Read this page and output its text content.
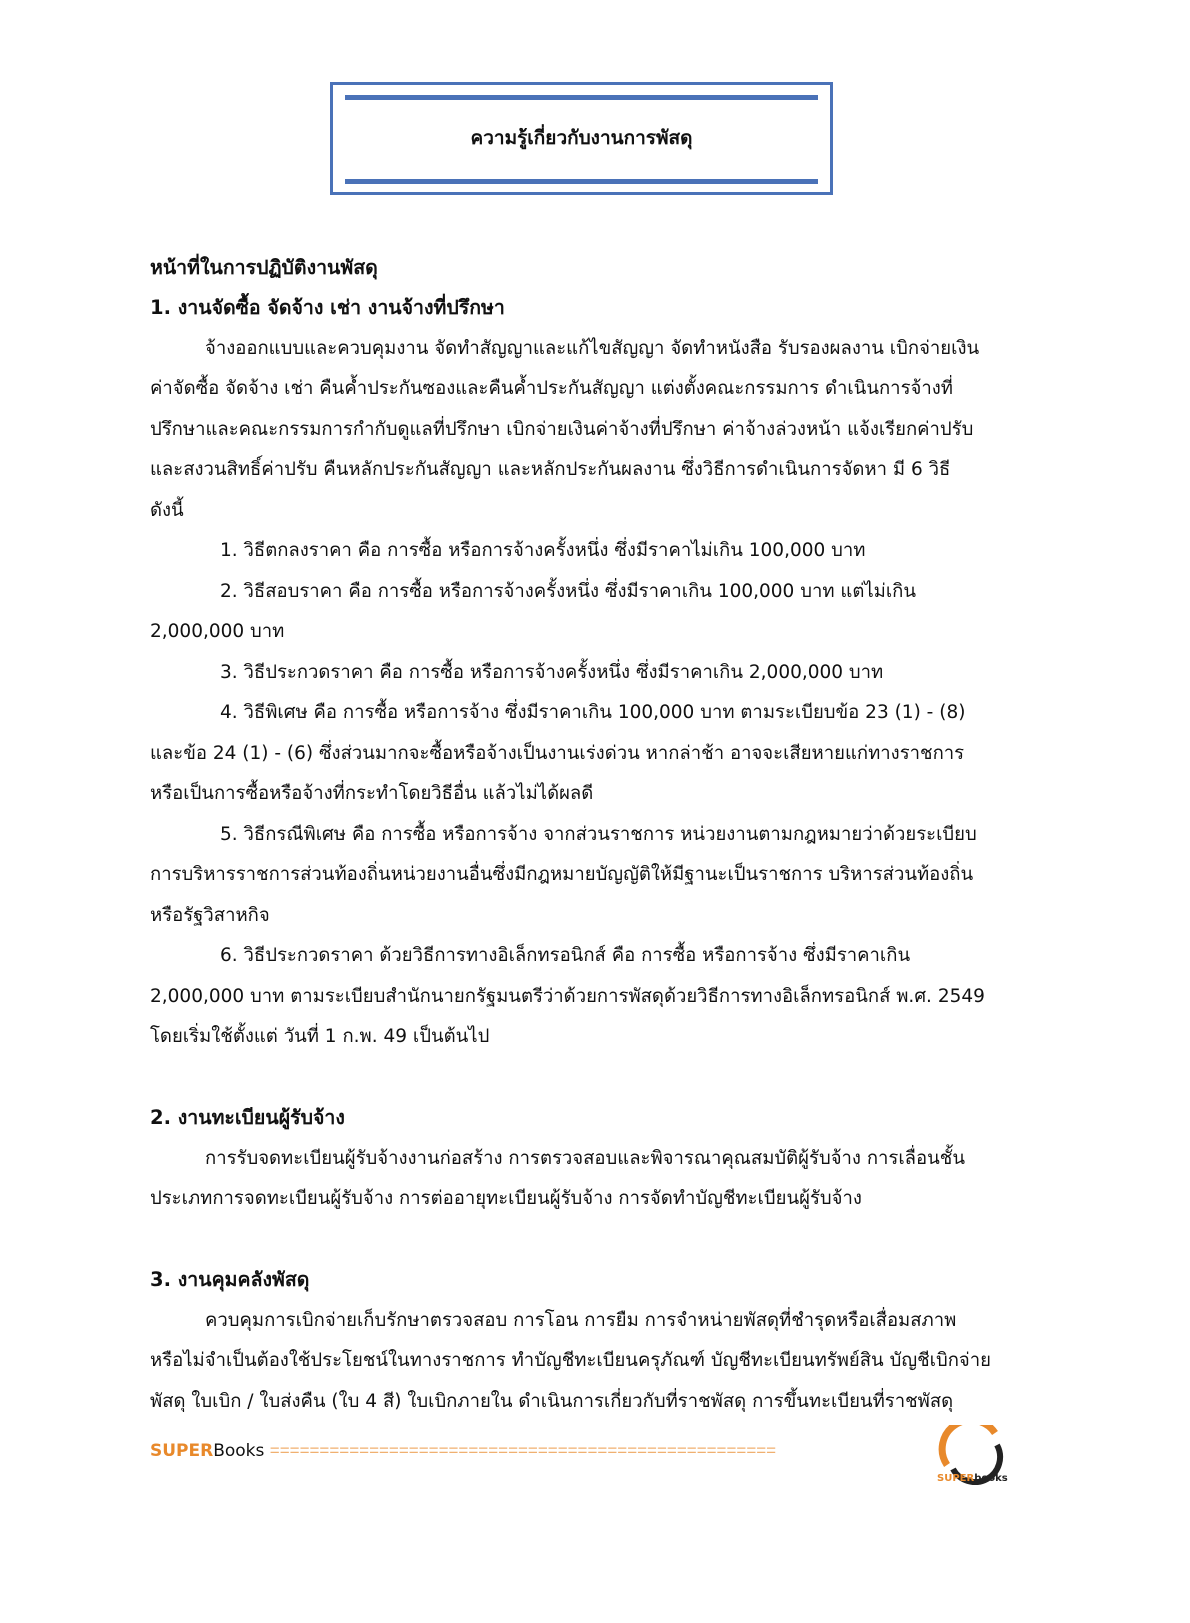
ความรู้เกี่ยวกับงานการพัสดุ
หน้าที่ในการปฏิบัติงานพัสดุ
1. งานจัดซื้อ จัดจ้าง เช่า งานจ้างที่ปรึกษา
จ้างออกแบบและควบคุมงาน จัดทำสัญญาและแก้ไขสัญญา จัดทำหนังสือ รับรองผลงาน เบิกจ่ายเงิน
ค่าจัดซื้อ จัดจ้าง เช่า คืนค้ำประกันซองและคืนค้ำประกันสัญญา แต่งตั้งคณะกรรมการ ดำเนินการจ้างที่
ปรึกษาและคณะกรรมการกำกับดูแลที่ปรึกษา เบิกจ่ายเงินค่าจ้างที่ปรึกษา ค่าจ้างล่วงหน้า แจ้งเรียกค่าปรับ
และสงวนสิทธิ์ค่าปรับ คืนหลักประกันสัญญา และหลักประกันผลงาน ซึ่งวิธีการดำเนินการจัดหา มี 6 วิธี
ดังนี้
1. วิธีตกลงราคา คือ การซื้อ หรือการจ้างครั้งหนึ่ง ซึ่งมีราคาไม่เกิน 100,000 บาท
2. วิธีสอบราคา คือ การซื้อ หรือการจ้างครั้งหนึ่ง ซึ่งมีราคาเกิน 100,000 บาท แต่ไม่เกิน
2,000,000 บาท
3. วิธีประกวดราคา คือ การซื้อ หรือการจ้างครั้งหนึ่ง ซึ่งมีราคาเกิน 2,000,000 บาท
4. วิธีพิเศษ คือ การซื้อ หรือการจ้าง ซึ่งมีราคาเกิน 100,000 บาท ตามระเบียบข้อ 23 (1) - (8)
และข้อ 24 (1) - (6) ซึ่งส่วนมากจะซื้อหรือจ้างเป็นงานเร่งด่วน หากล่าช้า อาจจะเสียหายแก่ทางราชการ
หรือเป็นการซื้อหรือจ้างที่กระทำโดยวิธีอื่น แล้วไม่ได้ผลดี
5. วิธีกรณีพิเศษ คือ การซื้อ หรือการจ้าง จากส่วนราชการ หน่วยงานตามกฎหมายว่าด้วยระเบียบ
การบริหารราชการส่วนท้องถิ่นหน่วยงานอื่นซึ่งมีกฎหมายบัญญัติให้มีฐานะเป็นราชการ บริหารส่วนท้องถิ่น
หรือรัฐวิสาหกิจ
6. วิธีประกวดราคา ด้วยวิธีการทางอิเล็กทรอนิกส์ คือ การซื้อ หรือการจ้าง ซึ่งมีราคาเกิน
2,000,000 บาท ตามระเบียบสำนักนายกรัฐมนตรีว่าด้วยการพัสดุด้วยวิธีการทางอิเล็กทรอนิกส์ พ.ศ. 2549
โดยเริ่มใช้ตั้งแต่ วันที่ 1 ก.พ. 49 เป็นต้นไป
2. งานทะเบียนผู้รับจ้าง
การรับจดทะเบียนผู้รับจ้างงานก่อสร้าง การตรวจสอบและพิจารณาคุณสมบัติผู้รับจ้าง การเลื่อนชั้น
ประเภทการจดทะเบียนผู้รับจ้าง การต่ออายุทะเบียนผู้รับจ้าง การจัดทำบัญชีทะเบียนผู้รับจ้าง
3. งานคุมคลังพัสดุ
ควบคุมการเบิกจ่ายเก็บรักษาตรวจสอบ การโอน การยืม การจำหน่ายพัสดุที่ชำรุดหรือเสื่อมสภาพ
หรือไม่จำเป็นต้องใช้ประโยชน์ในทางราชการ ทำบัญชีทะเบียนครุภัณฑ์ บัญชีทะเบียนทรัพย์สิน บัญชีเบิกจ่าย
พัสดุ ใบเบิก / ใบส่งคืน (ใบ 4 สี) ใบเบิกภายใน ดำเนินการเกี่ยวกับที่ราชพัสดุ การขึ้นทะเบียนที่ราชพัสดุ
SUPERBooks ===================================================
SUPERbooks
